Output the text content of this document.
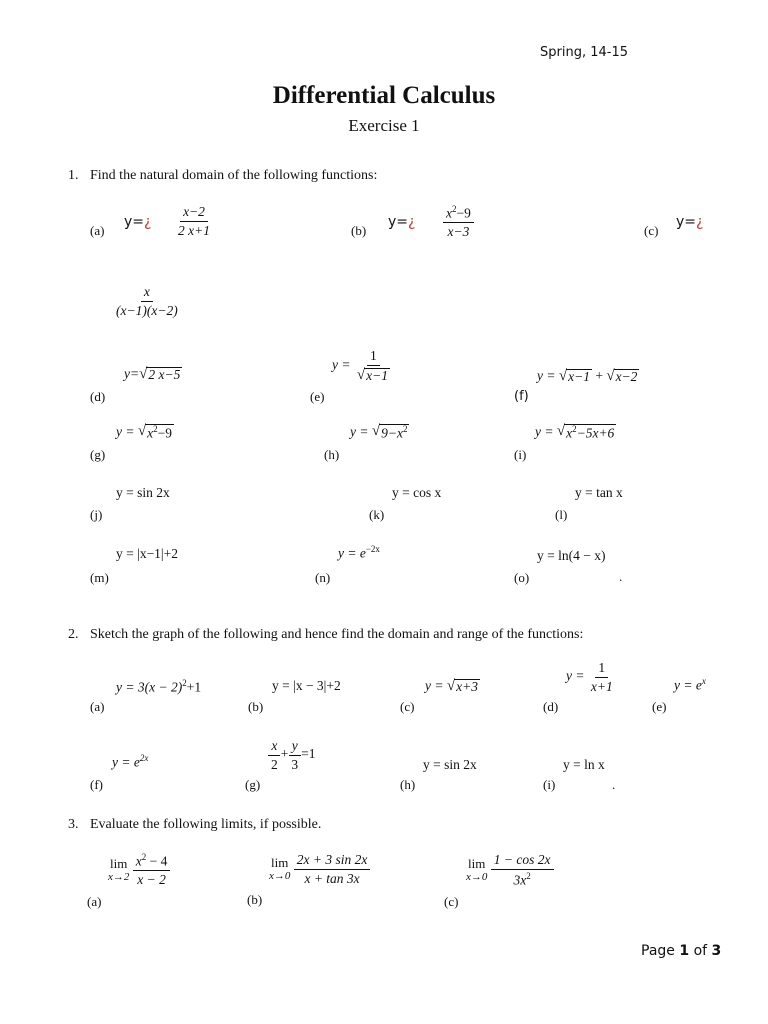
Spring, 14-15
Differential Calculus
Exercise 1
1. Find the natural domain of the following functions:
(a)
y=¿ $\frac{x-2}{2 x+1}$	(b)
y=¿ $\frac{x^2-9}{x-3}$	(c)
y=¿
$\frac{x}{(x-1)(x-2)}$
y= √ 2 x−5
(d)
$y = \frac{1}{√ x-1}$
(e)
y = √ x−1 + √ x−2
(f)
y = √ $x^2-9$
(g)
y = √ $9-x^2$
(h)
y = √ $x^2-5x+6$
(i)
y = sin 2x
(j)
y = cos x
(k)
y = tan x
(l)
y = |x−1|+2
(m)
$y = e^{-2x}$
(n)
y = ln(4 − x)
(o)	.
2. Sketch the graph of the following and hence find the domain and range of the functions:
$y = 3(x - 2)^2+1$
(a)
y = |x − 3|+2
(b)
y = √ x+3
(c)
$y = \frac{1}{x+1}$
(d)
$y = e^x$
(e)
$y = e^{2x}$
(f)
$\frac{x}{2} + \frac{y}{3} =1$
(g)
y = sin 2x
(h)
y = ln x
(i)	.
3. Evaluate the following limits, if possible.
lim
x→2
$\frac{x^2 - 4}{x - 2}$
(a)
lim
x→0
$\frac{2x + 3 \sin 2x}{x + \tan 3x}$
(b)
lim
x→0
$\frac{1 - \cos 2x}{3x^2}$
(c)
Page 1 of 3
